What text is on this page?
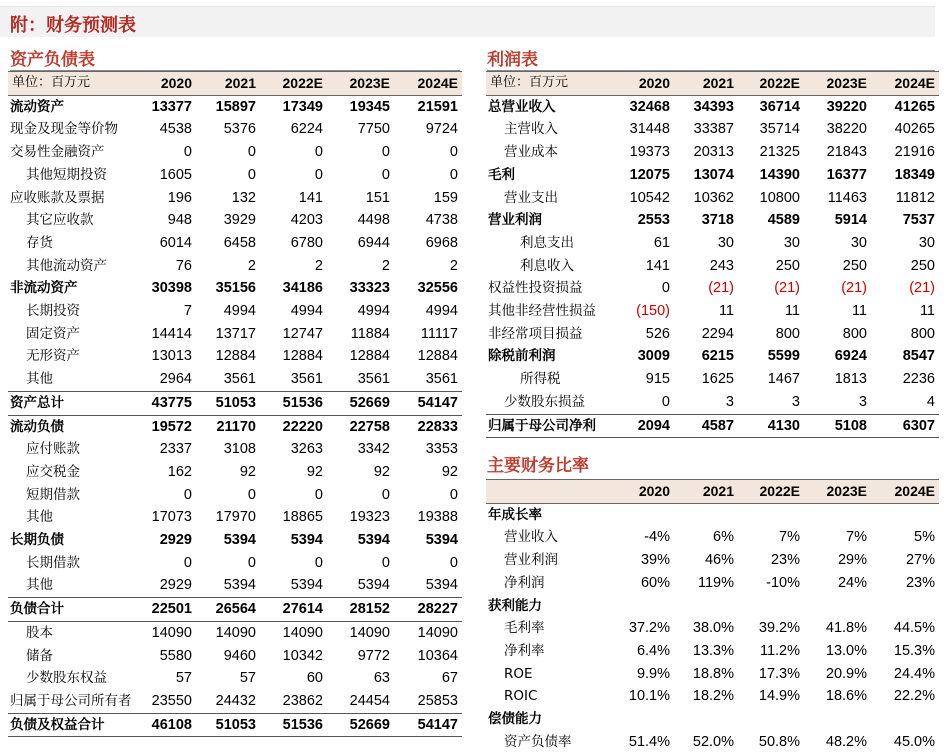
附：财务预测表
资产负债表
单位：百万元	2020	2021	2022E	2023E	2024E
流动资产	13377	15897	17349	19345	21591
现金及现金等价物	4538	5376	6224	7750	9724
交易性金融资产	0	0	0	0	0
其他短期投资	1605	0	0	0	0
应收账款及票据	196	132	141	151	159
其它应收款	948	3929	4203	4498	4738
存货	6014	6458	6780	6944	6968
其他流动资产	76	2	2	2	2
非流动资产	30398	35156	34186	33323	32556
长期投资	7	4994	4994	4994	4994
固定资产	14414	13717	12747	11884	11117
无形资产	13013	12884	12884	12884	12884
其他	2964	3561	3561	3561	3561
资产总计	43775	51053	51536	52669	54147
流动负债	19572	21170	22220	22758	22833
应付账款	2337	3108	3263	3342	3353
应交税金	162	92	92	92	92
短期借款	0	0	0	0	0
其他	17073	17970	18865	19323	19388
长期负债	2929	5394	5394	5394	5394
长期借款	0	0	0	0	0
其他	2929	5394	5394	5394	5394
负债合计	22501	26564	27614	28152	28227
股本	14090	14090	14090	14090	14090
储备	5580	9460	10342	9772	10364
少数股东权益	57	57	60	63	67
归属于母公司所有者	23550	24432	23862	24454	25853
负债及权益合计	46108	51053	51536	52669	54147
利润表
单位：百万元	2020	2021	2022E	2023E	2024E
总营业收入	32468	34393	36714	39220	41265
主营收入	31448	33387	35714	38220	40265
营业成本	19373	20313	21325	21843	21916
毛利	12075	13074	14390	16377	18349
营业支出	10542	10362	10800	11463	11812
营业利润	2553	3718	4589	5914	7537
利息支出	61	30	30	30	30
利息收入	141	243	250	250	250
权益性投资损益	0	(21)	(21)	(21)	(21)
其他非经营性损益	(150)	11	11	11	11
非经常项目损益	526	2294	800	800	800
除税前利润	3009	6215	5599	6924	8547
所得税	915	1625	1467	1813	2236
少数股东损益	0	3	3	3	4
归属于母公司净利	2094	4587	4130	5108	6307
主要财务比率
	2020	2021	2022E	2023E	2024E
年成长率					
营业收入	-4%	6%	7%	7%	5%
营业利润	39%	46%	23%	29%	27%
净利润	60%	119%	-10%	24%	23%
获利能力					
毛利率	37.2%	38.0%	39.2%	41.8%	44.5%
净利率	6.4%	13.3%	11.2%	13.0%	15.3%
ROE	9.9%	18.8%	17.3%	20.9%	24.4%
ROIC	10.1%	18.2%	14.9%	18.6%	22.2%
偿债能力					
资产负债率	51.4%	52.0%	50.8%	48.2%	45.0%
